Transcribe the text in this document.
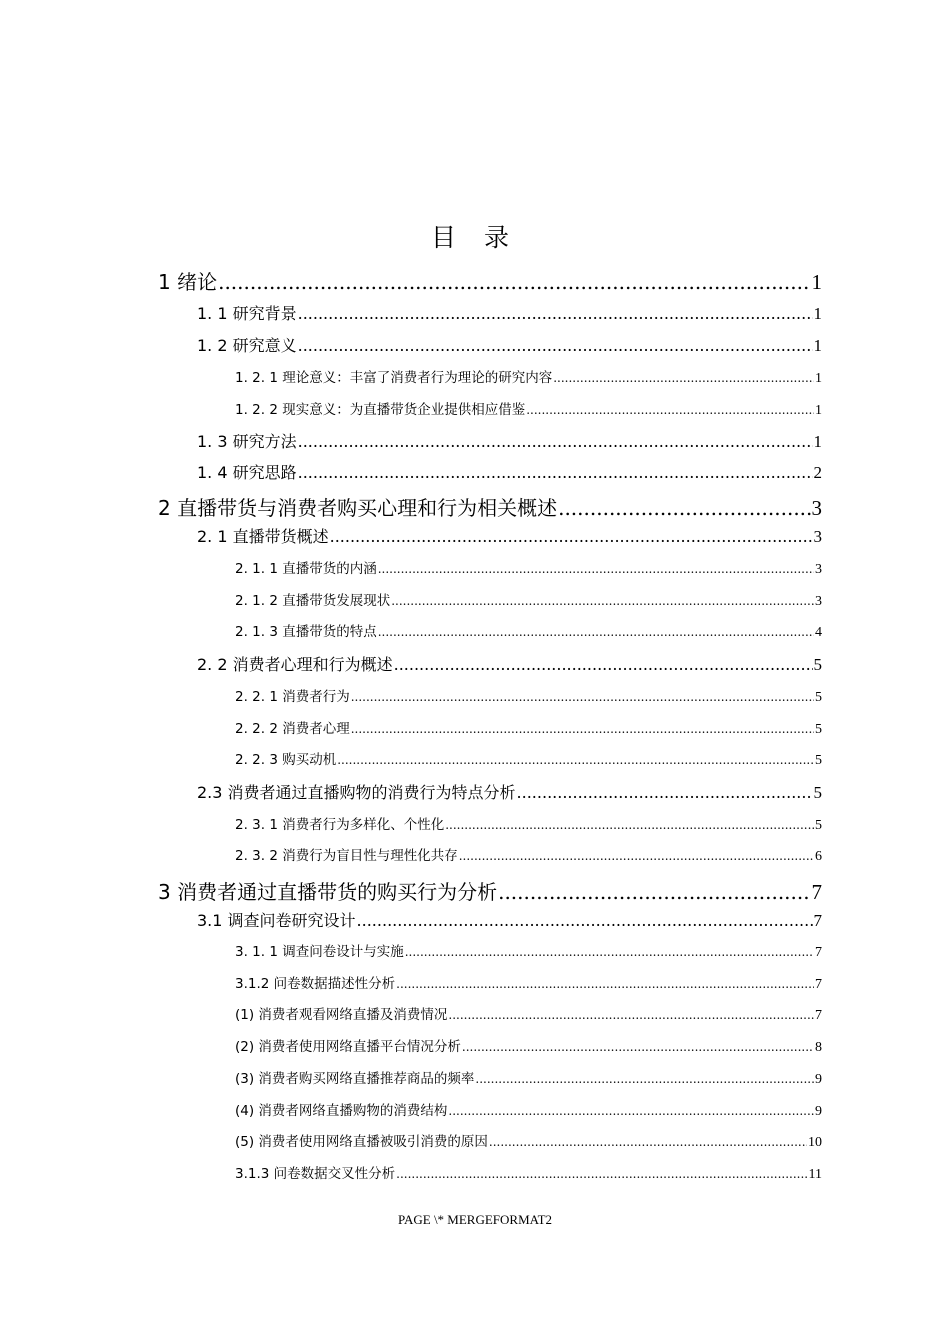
目 录
1 绪论 .....	1
1. 1 研究背景 .....	1
1. 2 研究意义 .....	1
1. 2. 1 理论意义：丰富了消费者行为理论的研究内容 .....	1
1. 2. 2 现实意义：为直播带货企业提供相应借鉴 .....	1
1. 3 研究方法 .....	1
1. 4 研究思路 .....	2
2 直播带货与消费者购买心理和行为相关概述 .....	3
2. 1 直播带货概述 .....	3
2. 1. 1 直播带货的内涵 .....	3
2. 1. 2 直播带货发展现状 .....	3
2. 1. 3 直播带货的特点 .....	4
2. 2 消费者心理和行为概述 .....	5
2. 2. 1 消费者行为 .....	5
2. 2. 2 消费者心理 .....	5
2. 2. 3 购买动机 .....	5
2.3 消费者通过直播购物的消费行为特点分析 .....	5
2. 3. 1 消费者行为多样化、个性化 .....	5
2. 3. 2 消费行为盲目性与理性化共存 .....	6
3 消费者通过直播带货的购买行为分析 .....	7
3.1 调查问卷研究设计 .....	7
3. 1. 1 调查问卷设计与实施 .....	7
3.1.2 问卷数据描述性分析 .....	7
(1) 消费者观看网络直播及消费情况 .....	7
(2) 消费者使用网络直播平台情况分析 .....	8
(3) 消费者购买网络直播推荐商品的频率 .....	9
(4) 消费者网络直播购物的消费结构 .....	9
(5) 消费者使用网络直播被吸引消费的原因 .....	10
3.1.3 问卷数据交叉性分析 .....	11
PAGE \* MERGEFORMAT2
